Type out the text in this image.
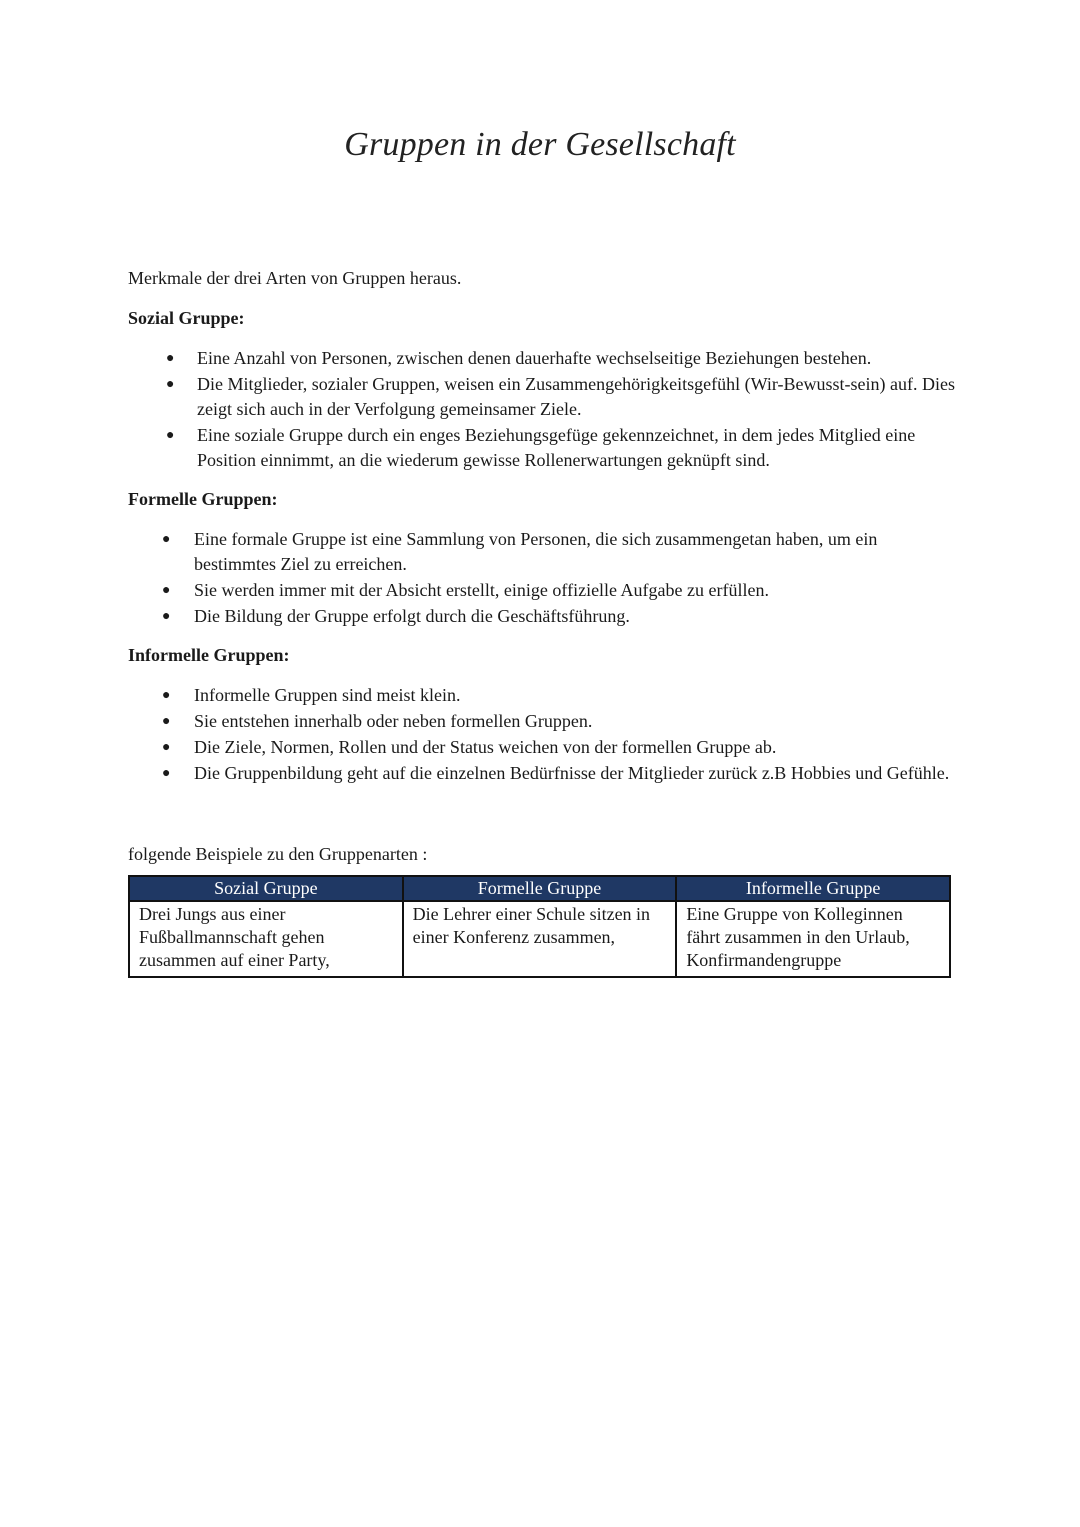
Gruppen in der Gesellschaft

Merkmale der drei Arten von Gruppen heraus.

Sozial Gruppe:

● Eine Anzahl von Personen, zwischen denen dauerhafte wechselseitige Beziehungen bestehen.
● Die Mitglieder, sozialer Gruppen, weisen ein Zusammengehörigkeitsgefühl (Wir-Bewusst-sein) auf. Dies zeigt sich auch in der Verfolgung gemeinsamer Ziele.
● Eine soziale Gruppe durch ein enges Beziehungsgefüge gekennzeichnet, in dem jedes Mitglied eine Position einnimmt, an die wiederum gewisse Rollenerwartungen geknüpft sind.

Formelle Gruppen:

● Eine formale Gruppe ist eine Sammlung von Personen, die sich zusammengetan haben, um ein bestimmtes Ziel zu erreichen.
● Sie werden immer mit der Absicht erstellt, einige offizielle Aufgabe zu erfüllen.
● Die Bildung der Gruppe erfolgt durch die Geschäftsführung.

Informelle Gruppen:

● Informelle Gruppen sind meist klein.
● Sie entstehen innerhalb oder neben formellen Gruppen.
● Die Ziele, Normen, Rollen und der Status weichen von der formellen Gruppe ab.
● Die Gruppenbildung geht auf die einzelnen Bedürfnisse der Mitglieder zurück z.B Hobbies und Gefühle.

folgende Beispiele zu den Gruppenarten :

Sozial Gruppe	Formelle Gruppe	Informelle Gruppe
Drei Jungs aus einer Fußballmannschaft gehen zusammen auf einer Party,	Die Lehrer einer Schule sitzen in einer Konferenz zusammen,	Eine Gruppe von Kolleginnen fährt zusammen in den Urlaub, Konfirmandengruppe
